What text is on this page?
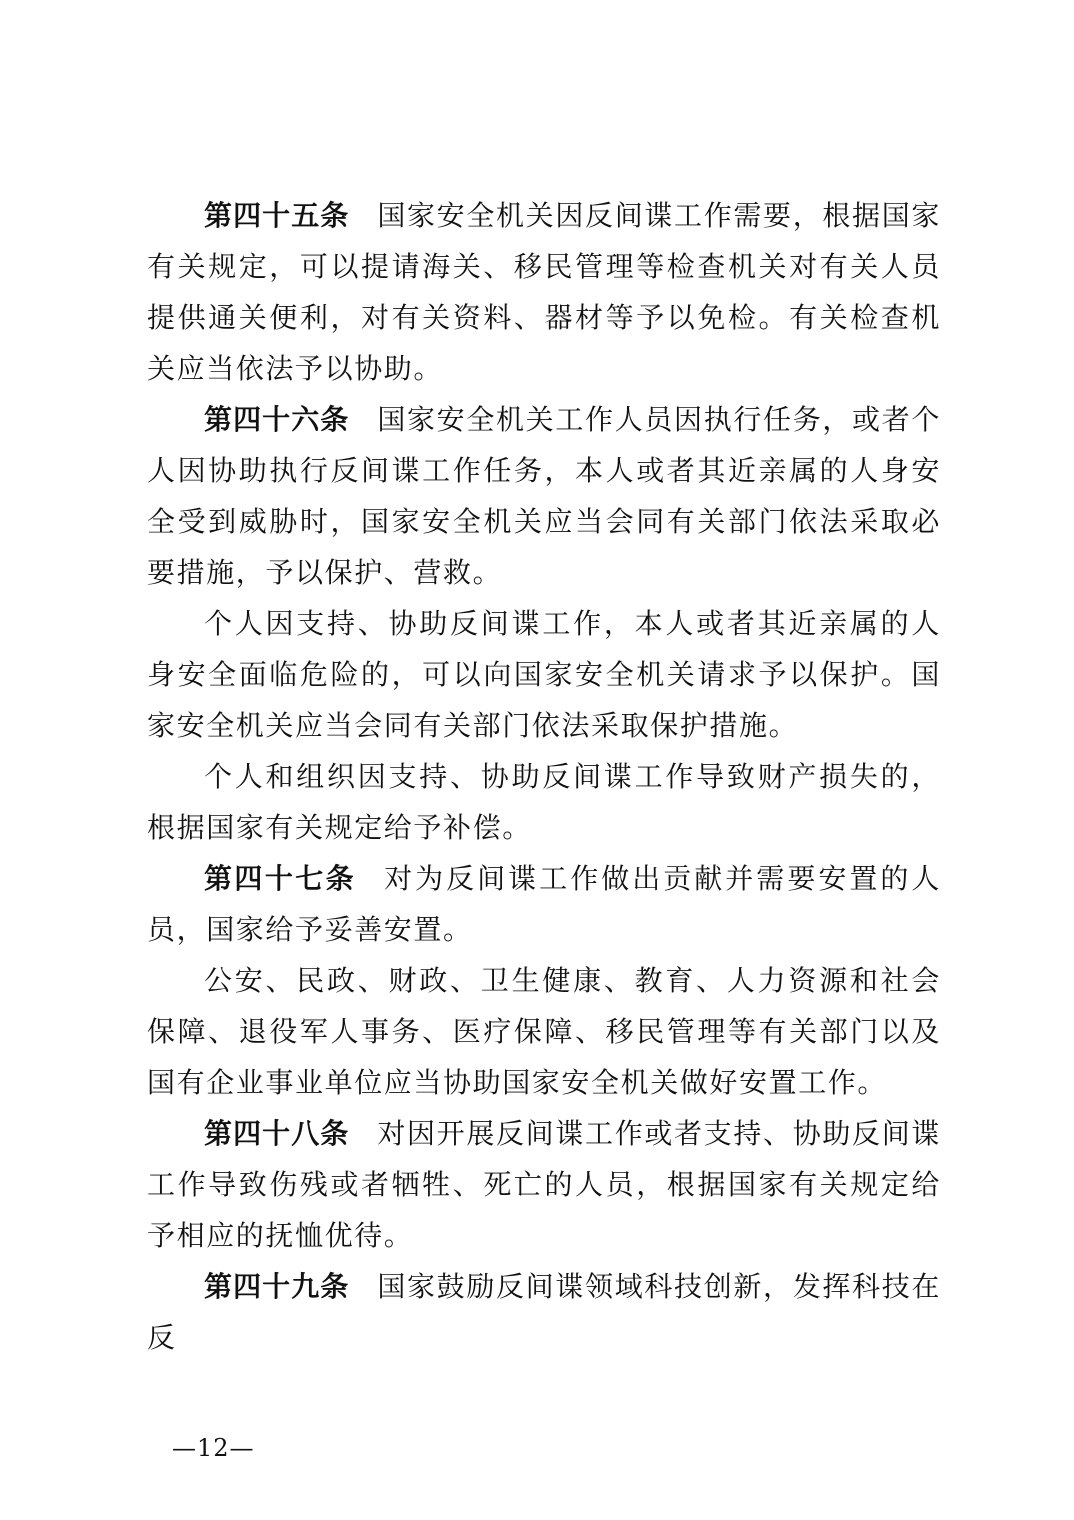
第四十五条 国家安全机关因反间谍工作需要，根据国家有关规定，可以提请海关、移民管理等检查机关对有关人员提供通关便利，对有关资料、器材等予以免检。有关检查机关应当依法予以协助。

第四十六条 国家安全机关工作人员因执行任务，或者个人因协助执行反间谍工作任务，本人或者其近亲属的人身安全受到威胁时，国家安全机关应当会同有关部门依法采取必要措施，予以保护、营救。

个人因支持、协助反间谍工作，本人或者其近亲属的人身安全面临危险的，可以向国家安全机关请求予以保护。国家安全机关应当会同有关部门依法采取保护措施。

个人和组织因支持、协助反间谍工作导致财产损失的，根据国家有关规定给予补偿。

第四十七条 对为反间谍工作做出贡献并需要安置的人员，国家给予妥善安置。

公安、民政、财政、卫生健康、教育、人力资源和社会保障、退役军人事务、医疗保障、移民管理等有关部门以及国有企业事业单位应当协助国家安全机关做好安置工作。

第四十八条 对因开展反间谍工作或者支持、协助反间谍工作导致伤残或者牺牲、死亡的人员，根据国家有关规定给予相应的抚恤优待。

第四十九条 国家鼓励反间谍领域科技创新，发挥科技在反

—12—
